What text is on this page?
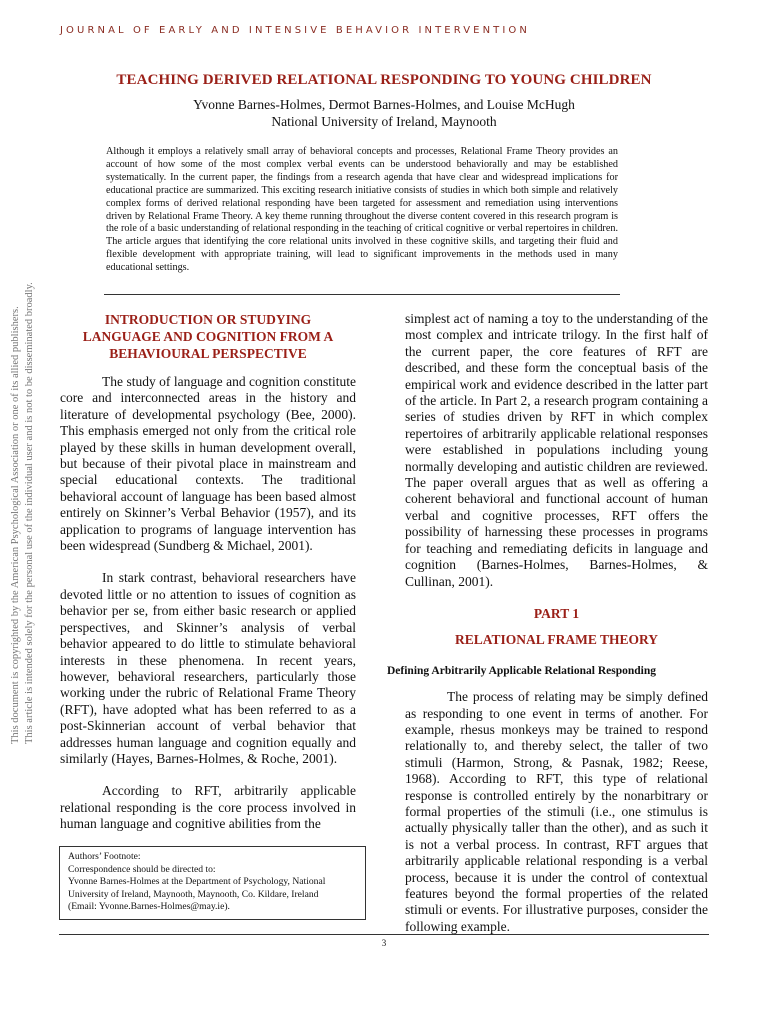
JOURNAL OF EARLY AND INTENSIVE BEHAVIOR INTERVENTION
TEACHING DERIVED RELATIONAL RESPONDING TO YOUNG CHILDREN
Yvonne Barnes-Holmes, Dermot Barnes-Holmes, and Louise McHugh
National University of Ireland, Maynooth
Although it employs a relatively small array of behavioral concepts and processes, Relational Frame Theory provides an account of how some of the most complex verbal events can be understood behaviorally and may be established systematically. In the current paper, the findings from a research agenda that have clear and widespread implications for educational practice are summarized. This exciting research initiative consists of studies in which both simple and relatively complex forms of derived relational responding have been targeted for assessment and remediation using interventions driven by Relational Frame Theory. A key theme running throughout the diverse content covered in this research program is the role of a basic understanding of relational responding in the teaching of critical cognitive or verbal repertoires in children. The article argues that identifying the core relational units involved in these cognitive skills, and targeting their fluid and flexible development with appropriate training, will lead to significant improvements in the methods used in many educational settings.
This document is copyrighted by the American Psychological Association or one of its allied publishers. This article is intended solely for the personal use of the individual user and is not to be disseminated broadly.	INTRODUCTION OR STUDYING LANGUAGE AND COGNITION FROM A BEHAVIOURAL PERSPECTIVE

The study of language and cognition constitute core and interconnected areas in the history and literature of developmental psychology (Bee, 2000). This emphasis emerged not only from the critical role played by these skills in human development overall, but because of their pivotal place in mainstream and special educational contexts. The traditional behavioral account of language has been based almost entirely on Skinner’s Verbal Behavior (1957), and its application to programs of language intervention has been widespread (Sundberg & Michael, 2001).

In stark contrast, behavioral researchers have devoted little or no attention to issues of cognition as behavior per se, from either basic research or applied perspectives, and Skinner’s analysis of verbal behavior appeared to do little to stimulate behavioral interests in these phenomena. In recent years, however, behavioral researchers, particularly those working under the rubric of Relational Frame Theory (RFT), have adopted what has been referred to as a post-Skinnerian account of verbal behavior that addresses human language and cognition equally and similarly (Hayes, Barnes-Holmes, & Roche, 2001).

According to RFT, arbitrarily applicable relational responding is the core process involved in human language and cognitive abilities from the

Authors’ Footnote:
Correspondence should be directed to:
Yvonne Barnes-Holmes at the Department of Psychology, National
University of Ireland, Maynooth, Maynooth, Co. Kildare, Ireland
(Email: Yvonne.Barnes-Holmes@may.ie).

simplest act of naming a toy to the understanding of the most complex and intricate trilogy. In the first half of the current paper, the core features of RFT are described, and these form the conceptual basis of the empirical work and evidence described in the latter part of the article. In Part 2, a research program containing a series of studies driven by RFT in which complex repertoires of arbitrarily applicable relational responses were established in populations including young normally developing and autistic children are reviewed. The paper overall argues that as well as offering a coherent behavioral and functional account of human verbal and cognitive processes, RFT offers the possibility of harnessing these processes in programs for teaching and remediating deficits in language and cognition (Barnes-Holmes, Barnes-Holmes, & Cullinan, 2001).

PART 1
RELATIONAL FRAME THEORY
Defining Arbitrarily Applicable Relational Responding

The process of relating may be simply defined as responding to one event in terms of another. For example, rhesus monkeys may be trained to respond relationally to, and thereby select, the taller of two stimuli (Harmon, Strong, & Pasnak, 1982; Reese, 1968). According to RFT, this type of relational response is controlled entirely by the nonarbitrary or formal properties of the stimuli (i.e., one stimulus is actually physically taller than the other), and as such it is not a verbal process. In contrast, RFT argues that arbitrarily applicable relational responding is a verbal process, because it is under the control of contextual features beyond the formal properties of the related stimuli or events. For illustrative purposes, consider the following example.

3
